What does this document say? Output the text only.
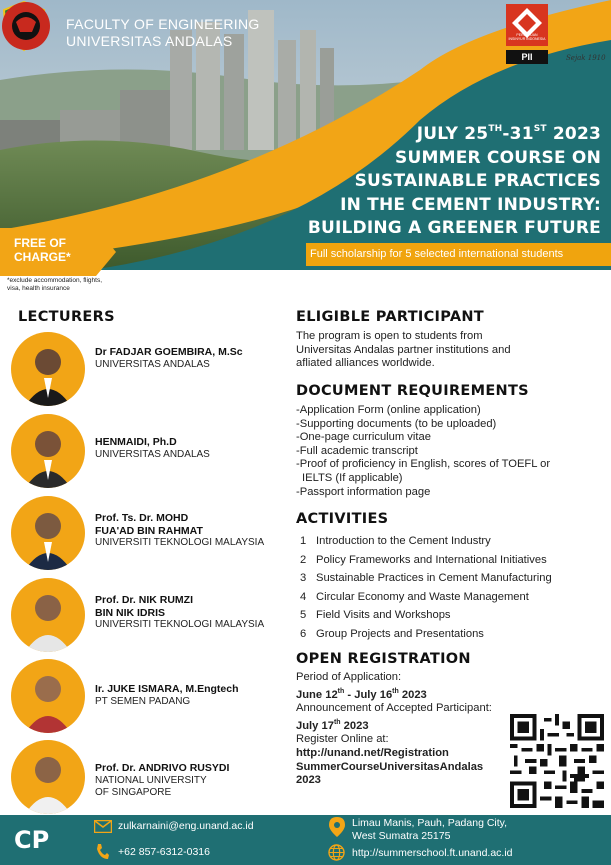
FACULTY OF ENGINEERING
UNIVERSITAS ANDALAS	PERSATUAN INSINYUR INDONESIA
PII	Sejak 1910
JULY 25TH-31ST 2023
SUMMER COURSE ON
SUSTAINABLE PRACTICES
IN THE CEMENT INDUSTRY:
BUILDING A GREENER FUTURE
Full scholarship for 5 selected international students
FREE OF
CHARGE*
*exclude accommodation, flights, visa, health insurance
LECTURERS
Dr FADJAR GOEMBIRA, M.Sc
UNIVERSITAS ANDALAS
HENMAIDI, Ph.D
UNIVERSITAS ANDALAS
Prof. Ts. Dr. MOHD
FUA'AD BIN RAHMAT
UNIVERSITI TEKNOLOGI MALAYSIA
Prof. Dr. NIK RUMZI
BIN NIK IDRIS
UNIVERSITI TEKNOLOGI MALAYSIA
Ir. JUKE ISMARA, M.Engtech
PT SEMEN PADANG
Prof. Dr. ANDRIVO RUSYDI
NATIONAL UNIVERSITY
OF SINGAPORE
ELIGIBLE PARTICIPANT
The program is open to students from
Universitas Andalas partner institutions and
afliated alliances worldwide.
DOCUMENT REQUIREMENTS
-Application Form (online application)
-Supporting documents (to be uploaded)
-One-page curriculum vitae
-Full academic transcript
-Proof of proficiency in English, scores of TOEFL or
IELTS (If applicable)
-Passport information page
ACTIVITIES
1 Introduction to the Cement Industry
2 Policy Frameworks and International Initiatives
3 Sustainable Practices in Cement Manufacturing
4 Circular Economy and Waste Management
5 Field Visits and Workshops
6 Group Projects and Presentations
OPEN REGISTRATION
Period of Application:
June 12th - July 16th 2023
Announcement of Accepted Participant:
July 17th 2023
Register Online at:
http://unand.net/Registration
SummerCourseUniversitasAndalas
2023
CP	zulkarnaini@eng.unand.ac.id
+62 857-6312-0316
Limau Manis, Pauh, Padang City,
West Sumatra 25175
http://summerschool.ft.unand.ac.id
